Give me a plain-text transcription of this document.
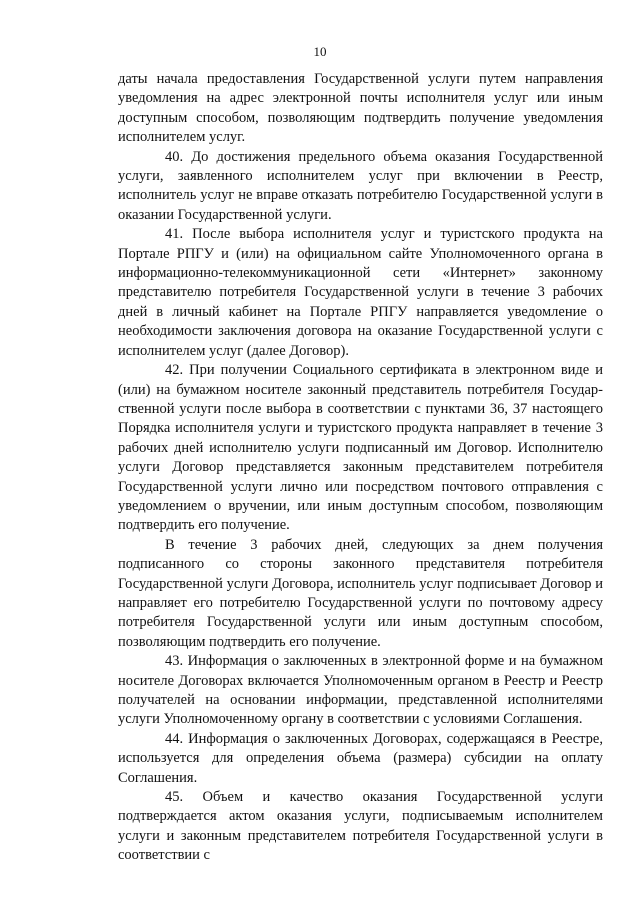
10

даты начала предоставления Государственной услуги путем направления уведомления на адрес электронной почты исполнителя услуг или иным доступным способом, позволяющим подтвердить получение уведомления исполнителем услуг.

40. До достижения предельного объема оказания Государственной услуги, заявленного исполнителем услуг при включении в Реестр, исполнитель услуг не вправе отказать потребителю Государственной услуги в оказании Государственной услуги.

41. После выбора исполнителя услуг и туристского продукта на Портале РПГУ и (или) на официальном сайте Уполномоченного органа в информационно-телекоммуникационной сети «Интернет» законному представителю потребителя Государственной услуги в течение 3 рабочих дней в личный кабинет на Портале РПГУ направляется уведомление о необходимости заключения договора на оказание Государственной услуги с исполнителем услуг (далее Договор).

42. При получении Социального сертификата в электронном виде и (или) на бумажном носителе законный представитель потребителя Государ-ственной услуги после выбора в соответствии с пунктами 36, 37 настоящего Порядка исполнителя услуги и туристского продукта направляет в течение 3 рабочих дней исполнителю услуги подписанный им Договор. Исполнителю услуги Договор представляется законным представителем потребителя Государственной услуги лично или посредством почтового отправления с уведомлением о вручении, или иным доступным способом, позволяющим подтвердить его получение.

В течение 3 рабочих дней, следующих за днем получения подписанного со стороны законного представителя потребителя Государственной услуги Договора, исполнитель услуг подписывает Договор и направляет его потребителю Государственной услуги по почтовому адресу потребителя Государственной услуги или иным доступным способом, позволяющим подтвердить его получение.

43. Информация о заключенных в электронной форме и на бумажном носителе Договорах включается Уполномоченным органом в Реестр и Реестр получателей на основании информации, представленной исполнителями услуги Уполномоченному органу в соответствии с условиями Соглашения.

44. Информация о заключенных Договорах, содержащаяся в Реестре, используется для определения объема (размера) субсидии на оплату Соглашения.

45. Объем и качество оказания Государственной услуги подтверждается актом оказания услуги, подписываемым исполнителем услуги и законным представителем потребителя Государственной услуги в соответствии с
